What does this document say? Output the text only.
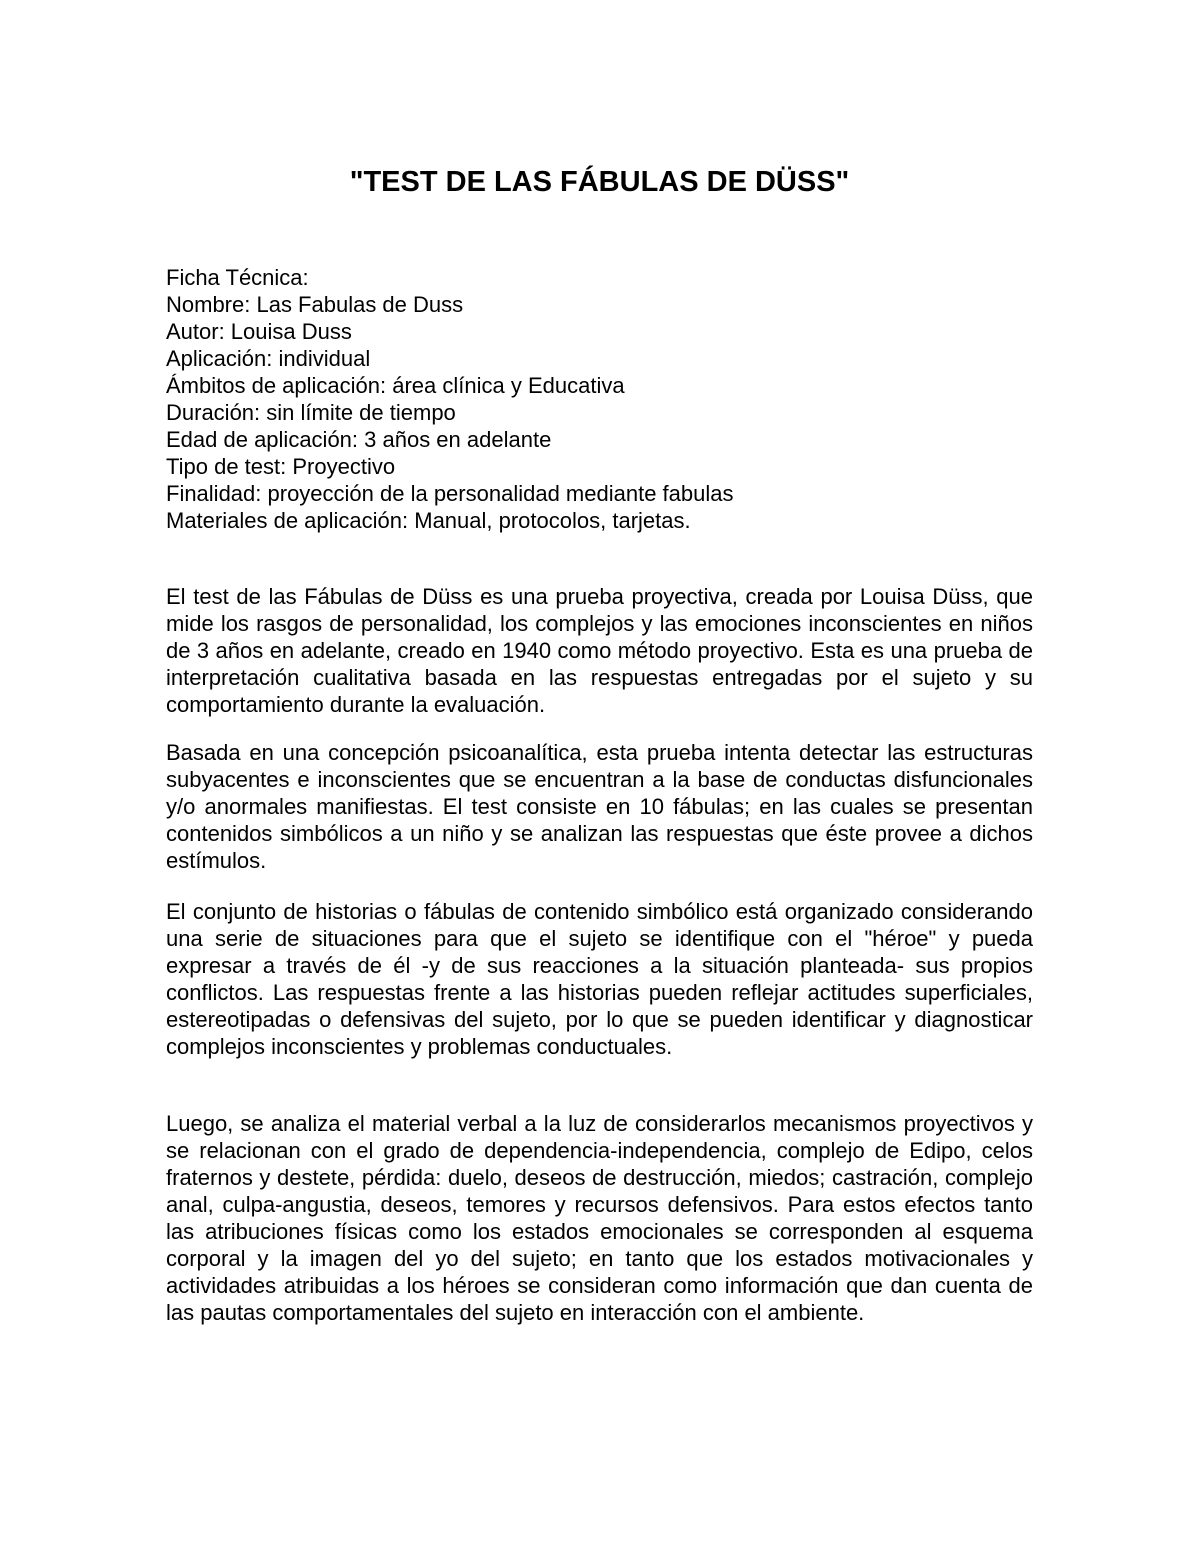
"TEST DE LAS FÁBULAS DE DÜSS"
Ficha Técnica:
Nombre: Las Fabulas de Duss
Autor: Louisa Duss
Aplicación: individual
Ámbitos de aplicación: área clínica y Educativa
Duración: sin límite de tiempo
Edad de aplicación: 3 años en adelante
Tipo de test: Proyectivo
Finalidad: proyección de la personalidad mediante fabulas
Materiales de aplicación: Manual, protocolos, tarjetas.

El test de las Fábulas de Düss es una prueba proyectiva, creada por Louisa Düss, que mide los rasgos de personalidad, los complejos y las emociones inconscientes en niños de 3 años en adelante, creado en 1940 como método proyectivo. Esta es una prueba de interpretación cualitativa basada en las respuestas entregadas por el sujeto y su comportamiento durante la evaluación.

Basada en una concepción psicoanalítica, esta prueba intenta detectar las estructuras subyacentes e inconscientes que se encuentran a la base de conductas disfuncionales y/o anormales manifiestas. El test consiste en 10 fábulas; en las cuales se presentan contenidos simbólicos a un niño y se analizan las respuestas que éste provee a dichos estímulos.

El conjunto de historias o fábulas de contenido simbólico está organizado considerando una serie de situaciones para que el sujeto se identifique con el "héroe" y pueda expresar a través de él -y de sus reacciones a la situación planteada- sus propios conflictos. Las respuestas frente a las historias pueden reflejar actitudes superficiales, estereotipadas o defensivas del sujeto, por lo que se pueden identificar y diagnosticar complejos inconscientes y problemas conductuales.

Luego, se analiza el material verbal a la luz de considerarlos mecanismos proyectivos y se relacionan con el grado de dependencia-independencia, complejo de Edipo, celos fraternos y destete, pérdida: duelo, deseos de destrucción, miedos; castración, complejo anal, culpa-angustia, deseos, temores y recursos defensivos. Para estos efectos tanto las atribuciones físicas como los estados emocionales se corresponden al esquema corporal y la imagen del yo del sujeto; en tanto que los estados motivacionales y actividades atribuidas a los héroes se consideran como información que dan cuenta de las pautas comportamentales del sujeto en interacción con el ambiente.
